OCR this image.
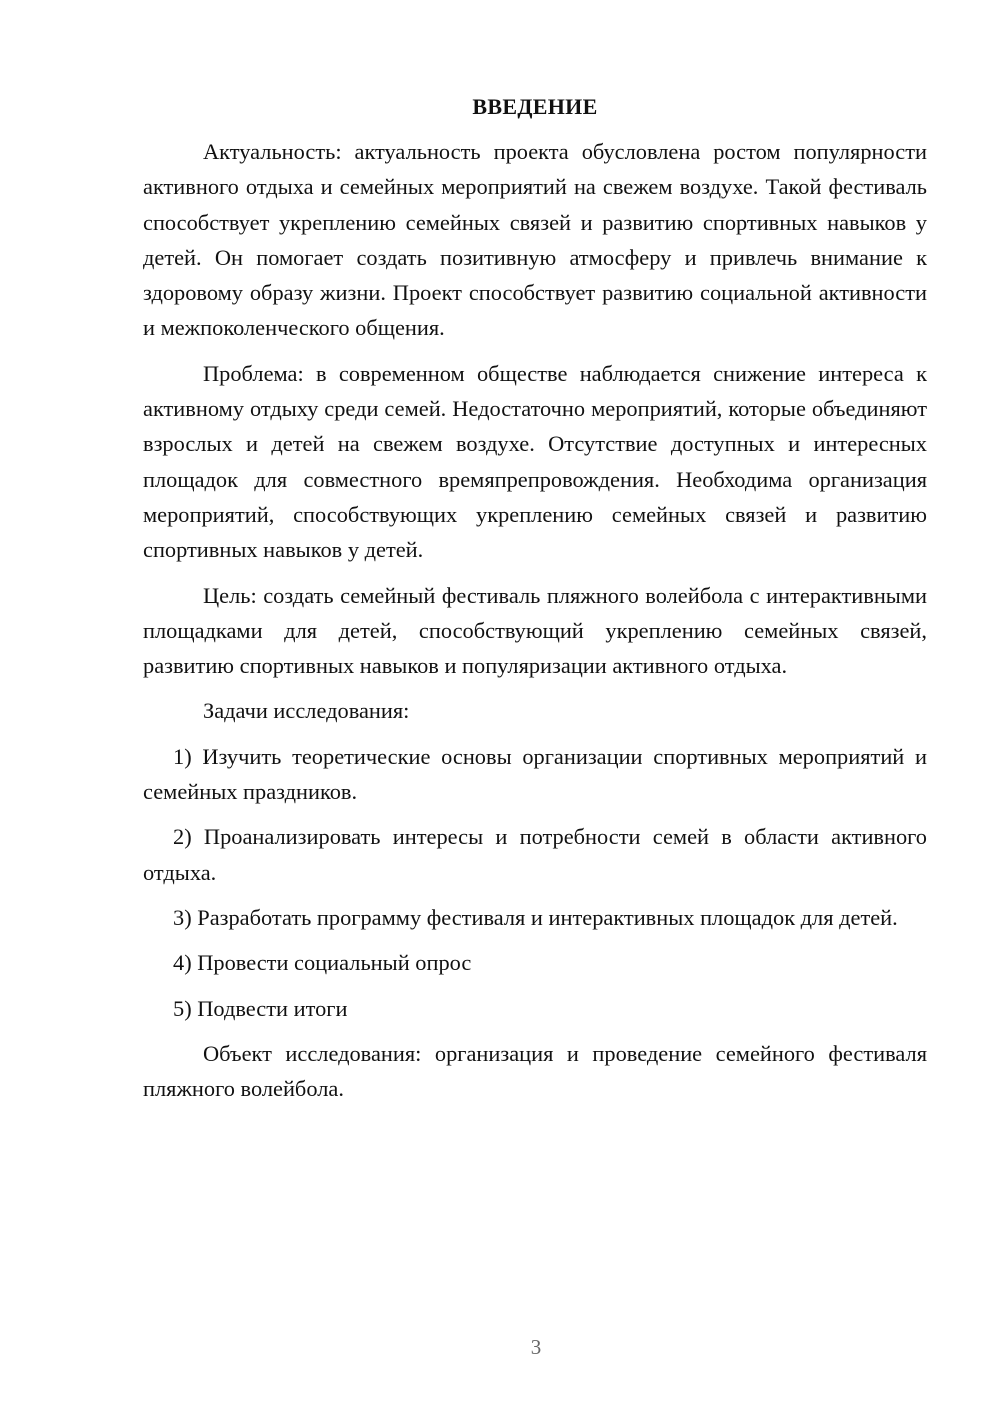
ВВЕДЕНИЕ

Актуальность: актуальность проекта обусловлена ростом популярности активного отдыха и семейных мероприятий на свежем воздухе. Такой фестиваль способствует укреплению семейных связей и развитию спортивных навыков у детей. Он помогает создать позитивную атмосферу и привлечь внимание к здоровому образу жизни. Проект способствует развитию социальной активности и межпоколенческого общения.

Проблема: в современном обществе наблюдается снижение интереса к активному отдыху среди семей. Недостаточно мероприятий, которые объединяют взрослых и детей на свежем воздухе. Отсутствие доступных и интересных площадок для совместного времяпрепровождения. Необходима организация мероприятий, способствующих укреплению семейных связей и развитию спортивных навыков у детей.

Цель: создать семейный фестиваль пляжного волейбола с интерактивными площадками для детей, способствующий укреплению семейных связей, развитию спортивных навыков и популяризации активного отдыха.

Задачи исследования:

1) Изучить теоретические основы организации спортивных мероприятий и семейных праздников.

2) Проанализировать интересы и потребности семей в области активного отдыха.

3) Разработать программу фестиваля и интерактивных площадок для детей.

4) Провести социальный опрос

5) Подвести итоги

Объект исследования: организация и проведение семейного фестиваля пляжного волейбола.

3
